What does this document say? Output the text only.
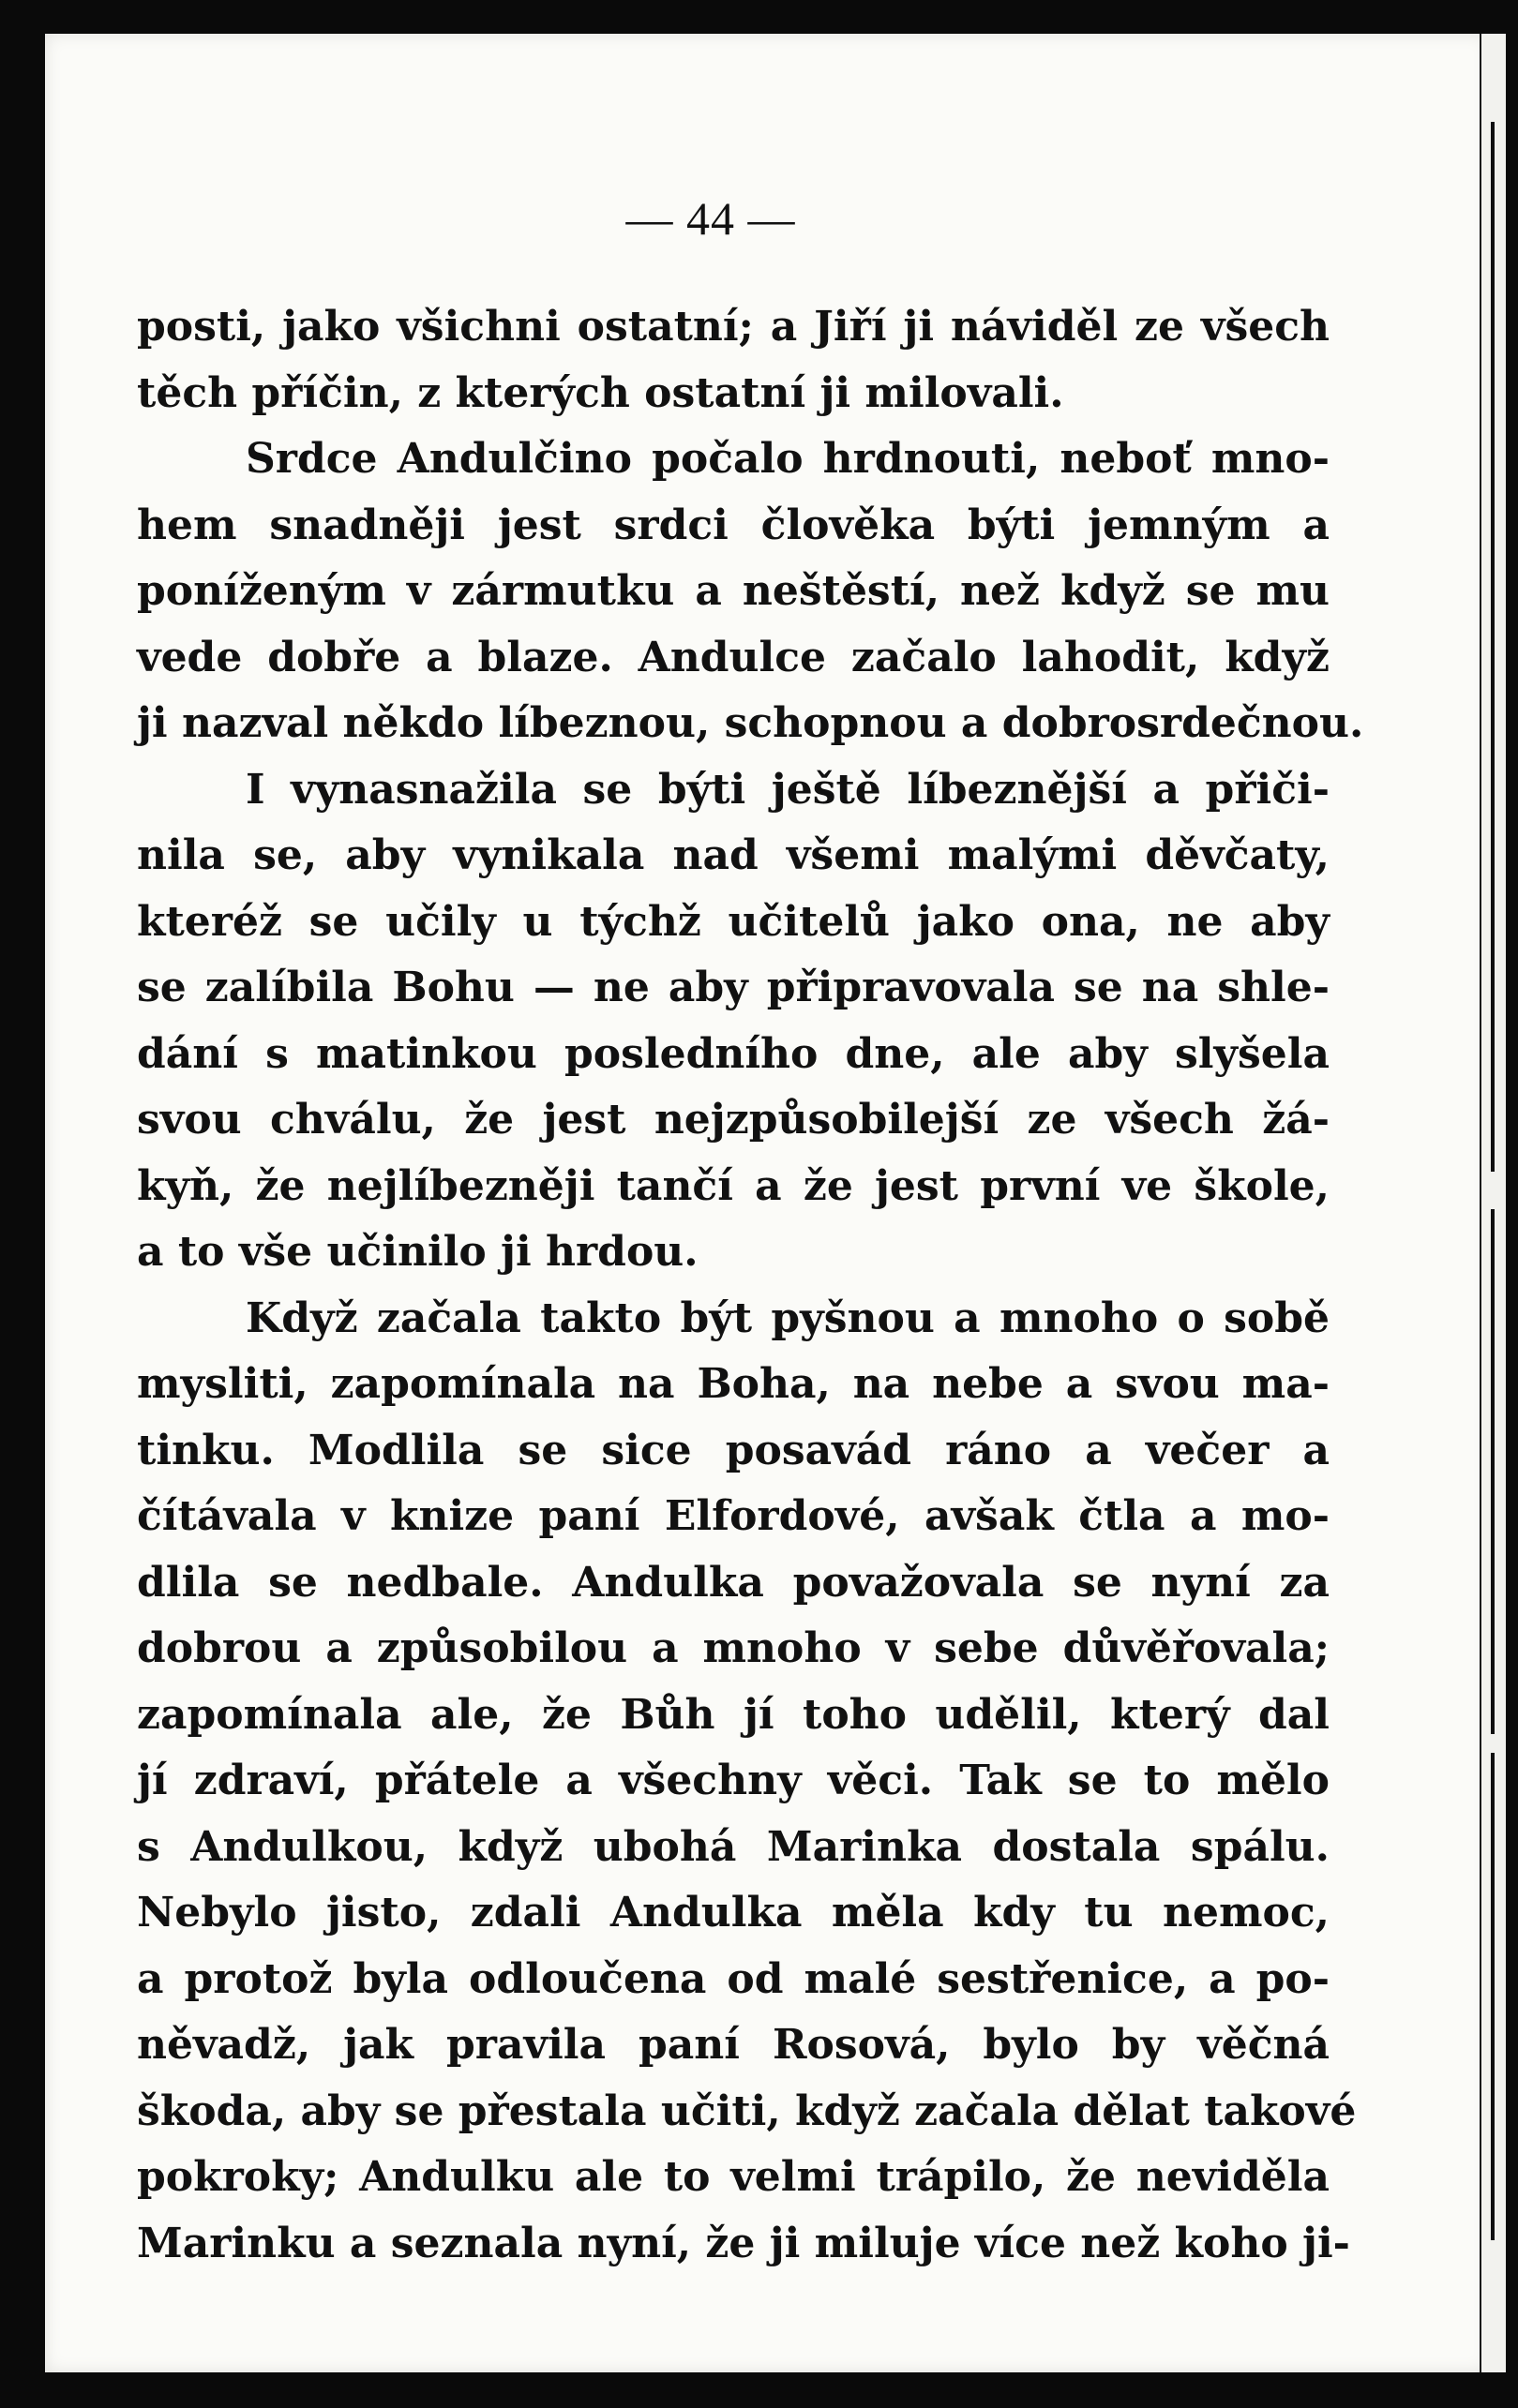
— 44 —
posti, jako všichni ostatní; a Jiří ji náviděl ze všech
těch příčin, z kterých ostatní ji milovali.
Srdce Andulčino počalo hrdnouti, neboť mno-
hem snadněji jest srdci člověka býti jemným a
poníženým v zármutku a neštěstí, než když se mu
vede dobře a blaze. Andulce začalo lahodit, když
ji nazval někdo líbeznou, schopnou a dobrosrdečnou.
I vynasnažila se býti ještě líbeznější a přiči-
nila se, aby vynikala nad všemi malými děvčaty,
kteréž se učily u týchž učitelů jako ona, ne aby
se zalíbila Bohu — ne aby připravovala se na shle-
dání s matinkou posledního dne, ale aby slyšela
svou chválu, že jest nejzpůsobilejší ze všech žá-
kyň, že nejlíbezněji tančí a že jest první ve škole,
a to vše učinilo ji hrdou.
Když začala takto být pyšnou a mnoho o sobě
mysliti, zapomínala na Boha, na nebe a svou ma-
tinku. Modlila se sice posavád ráno a večer a
čítávala v knize paní Elfordové, avšak čtla a mo-
dlila se nedbale. Andulka považovala se nyní za
dobrou a způsobilou a mnoho v sebe důvěřovala;
zapomínala ale, že Bůh jí toho udělil, který dal
jí zdraví, přátele a všechny věci. Tak se to mělo
s Andulkou, když ubohá Marinka dostala spálu.
Nebylo jisto, zdali Andulka měla kdy tu nemoc,
a protož byla odloučena od malé sestřenice, a po-
něvadž, jak pravila paní Rosová, bylo by věčná
škoda, aby se přestala učiti, když začala dělat takové
pokroky; Andulku ale to velmi trápilo, že neviděla
Marinku a seznala nyní, že ji miluje více než koho ji-
